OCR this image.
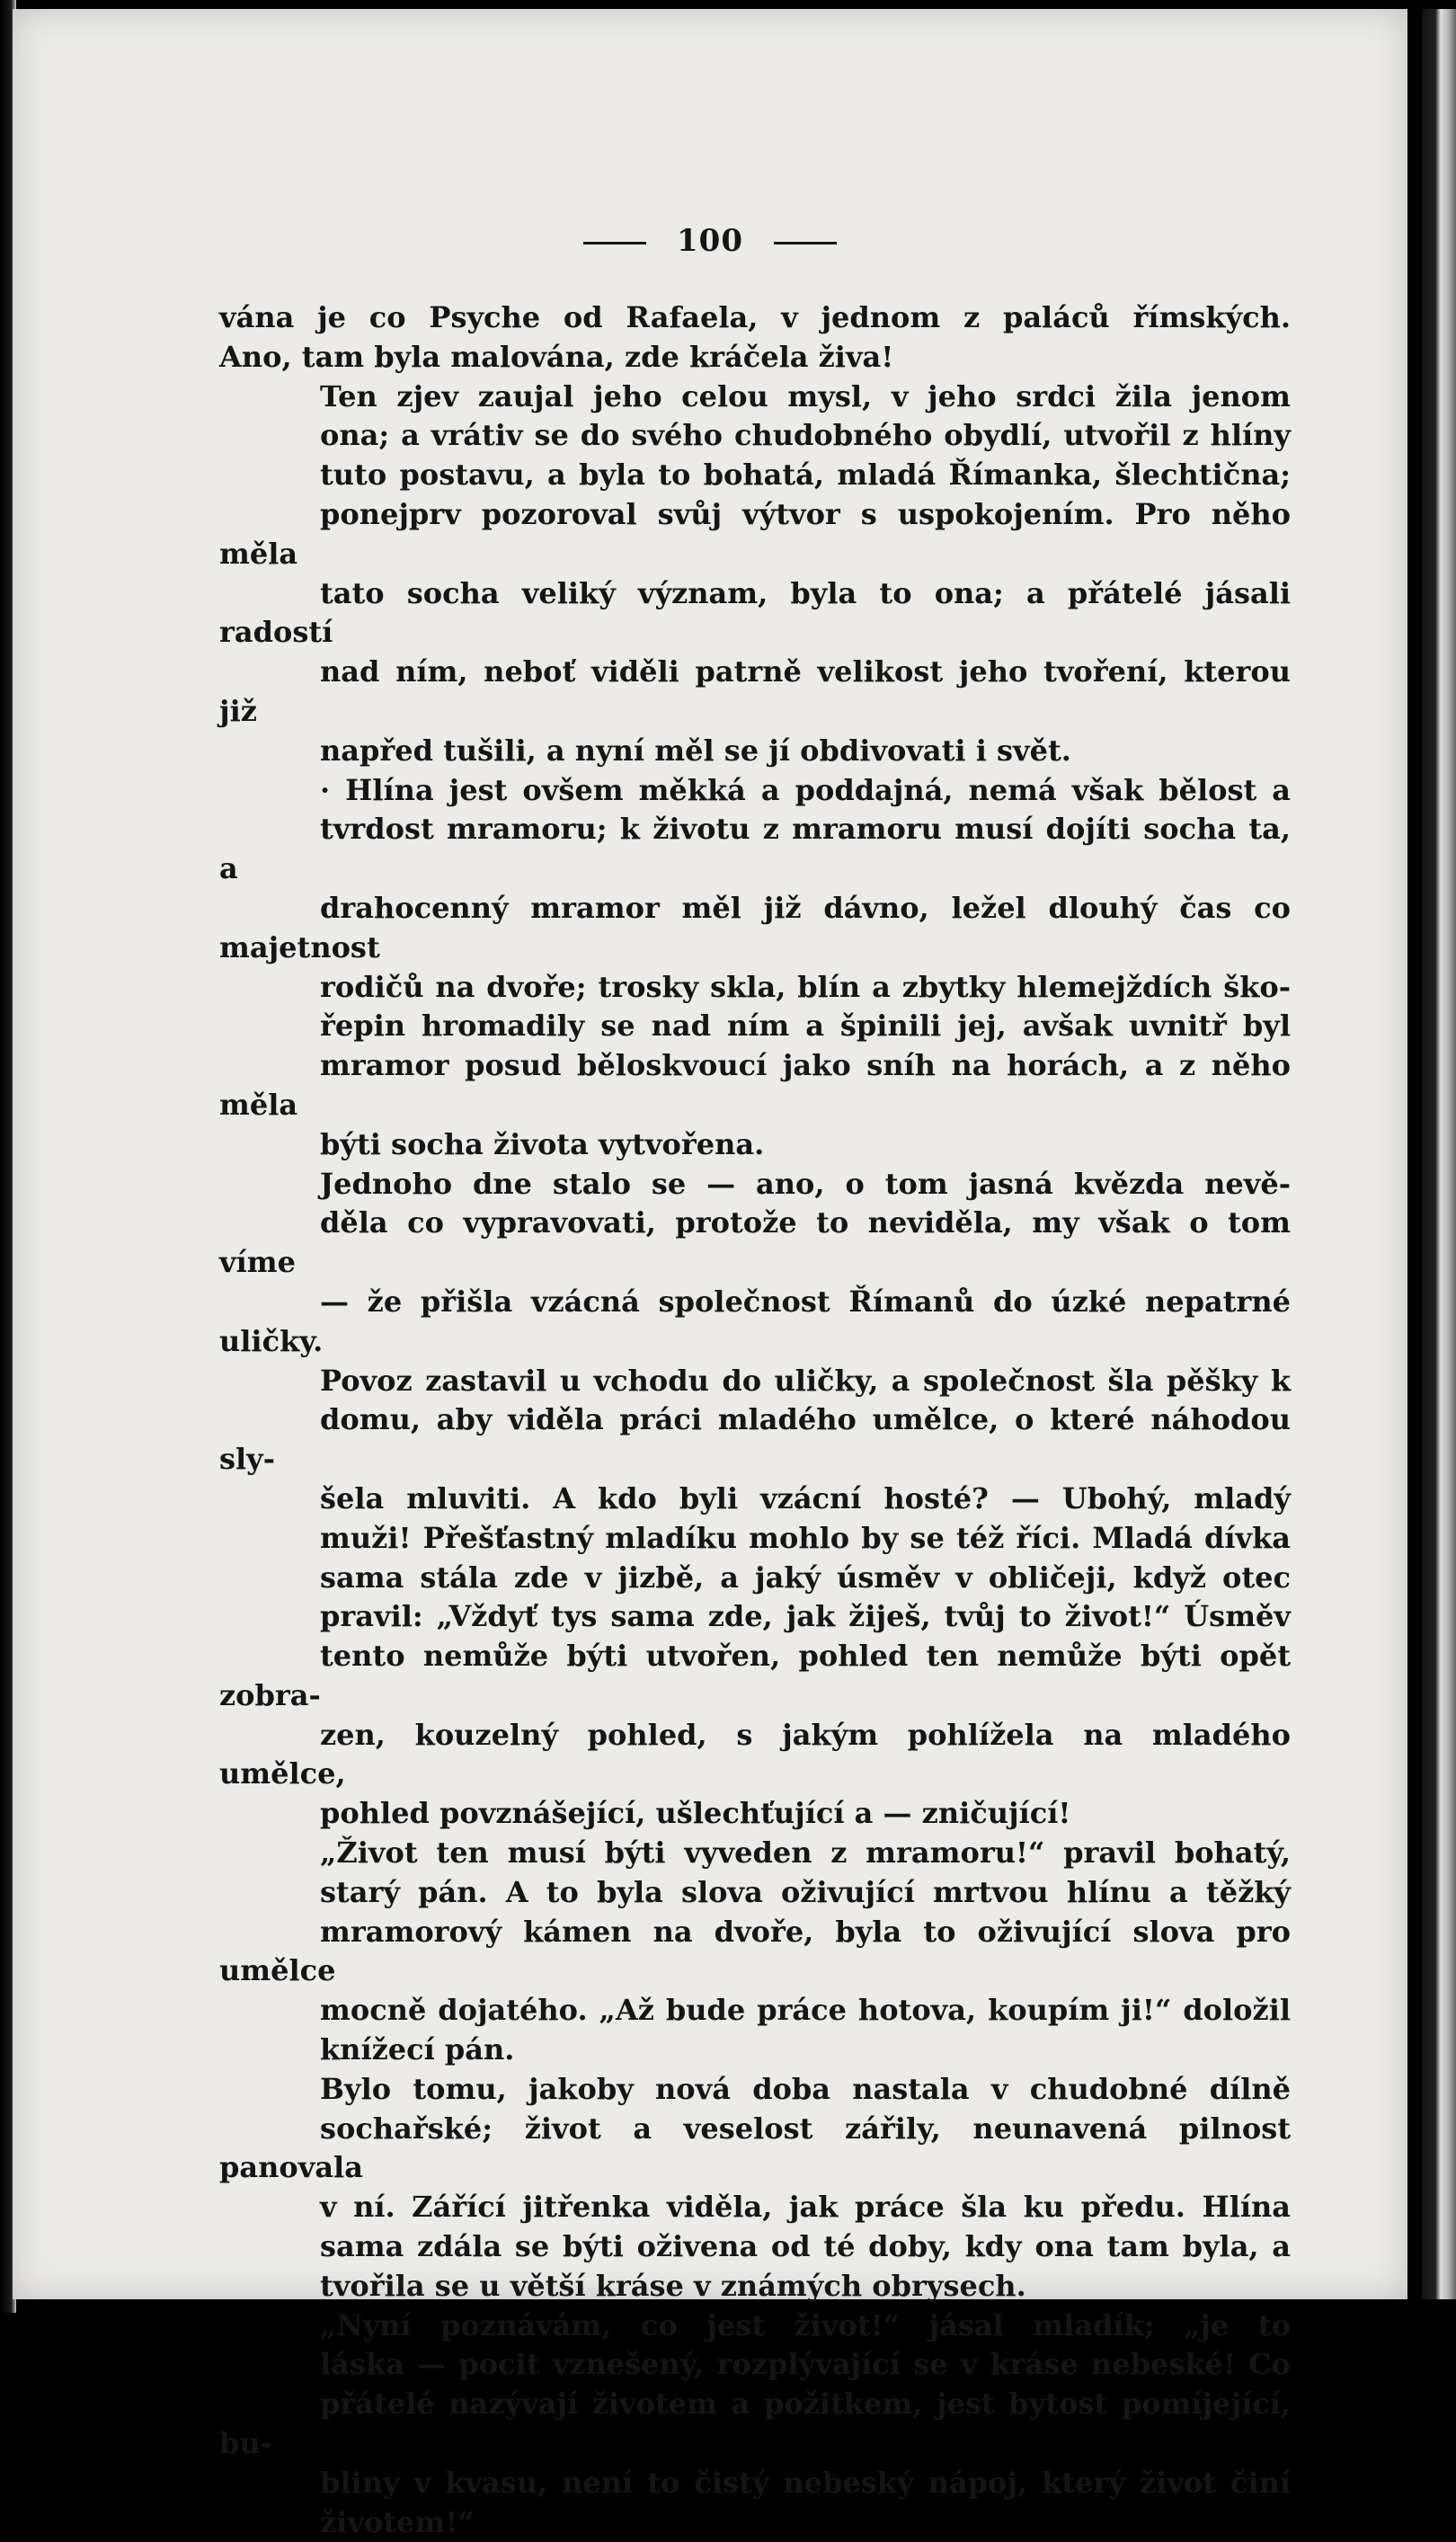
100
vána je co Psyche od Rafaela, v jednom z paláců římských.
Ano, tam byla malována, zde kráčela živa!
Ten zjev zaujal jeho celou mysl, v jeho srdci žila jenom
ona; a vrátiv se do svého chudobného obydlí, utvořil z hlíny
tuto postavu, a byla to bohatá, mladá Římanka, šlechtična;
ponejprv pozoroval svůj výtvor s uspokojením. Pro něho měla
tato socha veliký význam, byla to ona; a přátelé jásali radostí
nad ním, neboť viděli patrně velikost jeho tvoření, kterou již
napřed tušili, a nyní měl se jí obdivovati i svět.
· Hlína jest ovšem měkká a poddajná, nemá však bělost a
tvrdost mramoru; k životu z mramoru musí dojíti socha ta, a
drahocenný mramor měl již dávno, ležel dlouhý čas co majetnost
rodičů na dvoře; trosky skla, blín a zbytky hlemejždích ško-
řepin hromadily se nad ním a špinili jej, avšak uvnitř byl
mramor posud běloskvoucí jako sníh na horách, a z něho měla
býti socha života vytvořena.
Jednoho dne stalo se — ano, o tom jasná kvězda nevě-
děla co vypravovati, protože to neviděla, my však o tom víme
— že přišla vzácná společnost Římanů do úzké nepatrné uličky.
Povoz zastavil u vchodu do uličky, a společnost šla pěšky k
domu, aby viděla práci mladého umělce, o které náhodou sly-
šela mluviti. A kdo byli vzácní hosté? — Ubohý, mladý
muži! Přešťastný mladíku mohlo by se též říci. Mladá dívka
sama stála zde v jizbě, a jaký úsměv v obličeji, když otec
pravil: „Vždyť tys sama zde, jak žiješ, tvůj to život!“ Úsměv
tento nemůže býti utvořen, pohled ten nemůže býti opět zobra-
zen, kouzelný pohled, s jakým pohlížela na mladého umělce,
pohled povznášející, ušlechťující a — zničující!
„Život ten musí býti vyveden z mramoru!“ pravil bohatý,
starý pán. A to byla slova oživující mrtvou hlínu a těžký
mramorový kámen na dvoře, byla to oživující slova pro umělce
mocně dojatého. „Až bude práce hotova, koupím ji!“ doložil
knížecí pán.
Bylo tomu, jakoby nová doba nastala v chudobné dílně
sochařské; život a veselost zářily, neunavená pilnost panovala
v ní. Zářící jitřenka viděla, jak práce šla ku předu. Hlína
sama zdála se býti oživena od té doby, kdy ona tam byla, a
tvořila se u větší kráse v známých obrysech.
„Nyní poznávám, co jest život!“ jásal mladík; „je to
láska — pocit vznešený, rozplývající se v kráse nebeské! Co
přátelé nazývají životem a požitkem, jest bytost pomíjející, bu-
bliny v kvasu, není to čistý nebeský nápoj, který život činí
životem!“
